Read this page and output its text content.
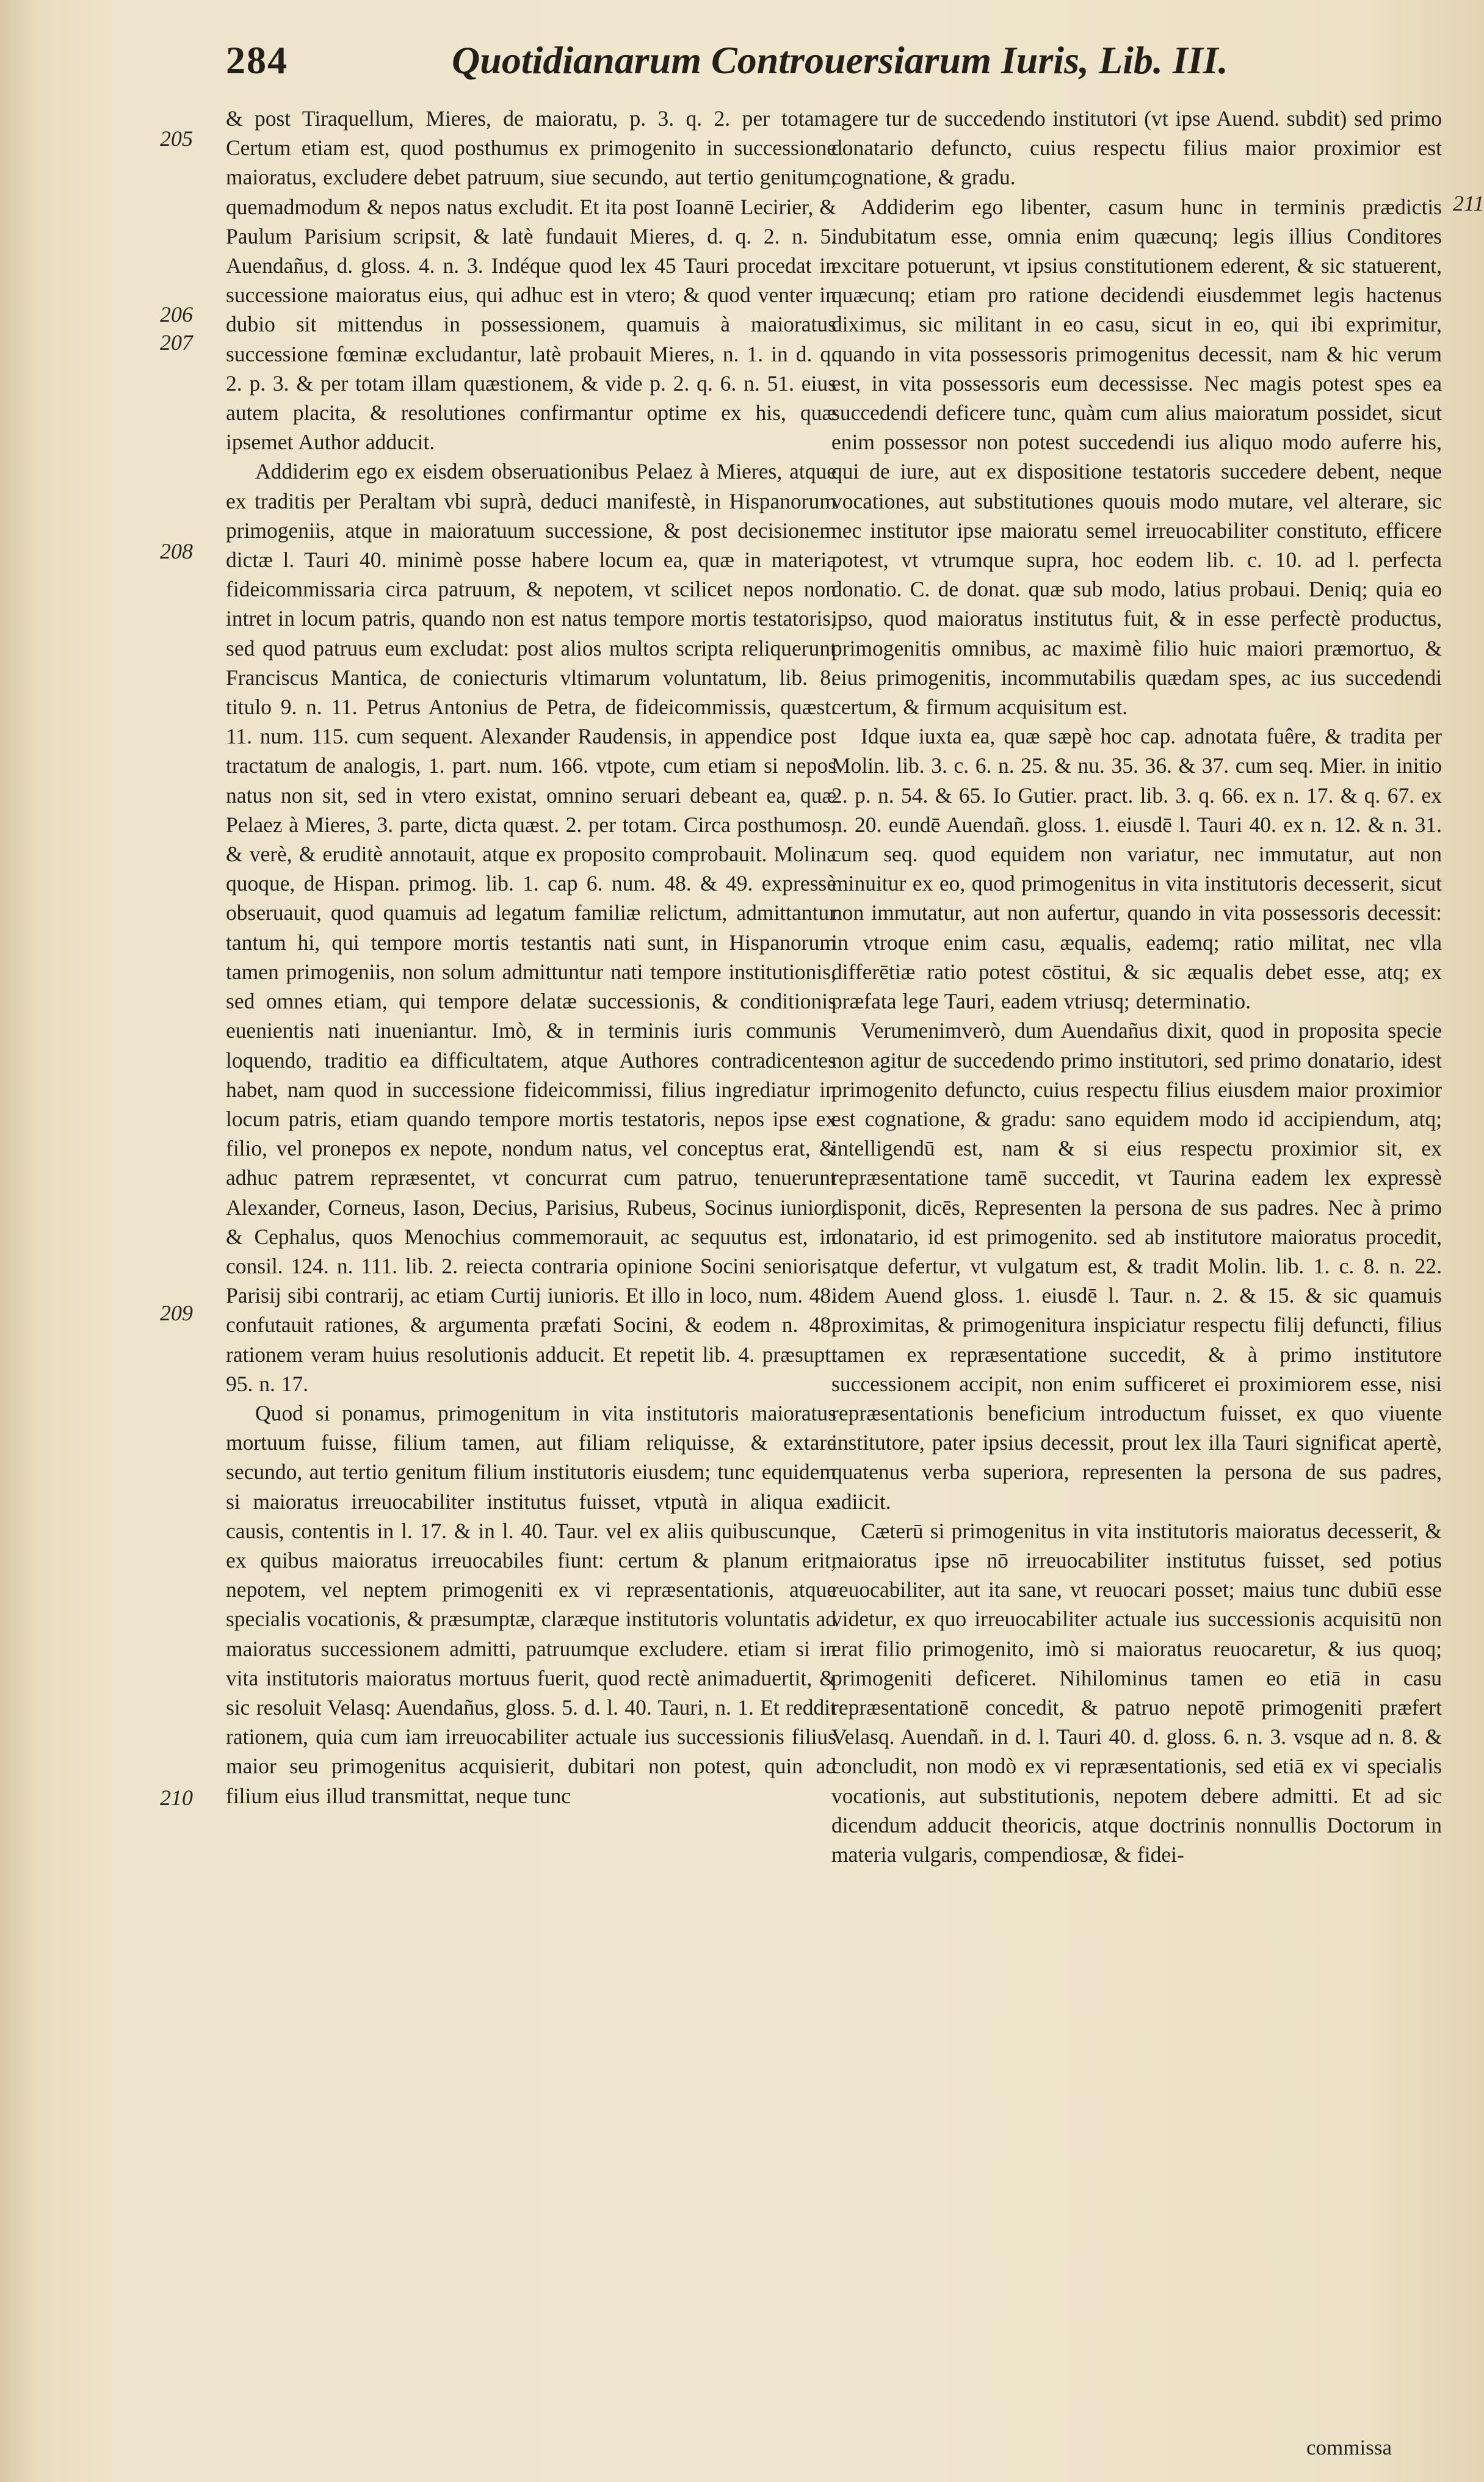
284	Quotidianarum Controuersiarum Iuris, Lib. III.
205
206
207
208
209
210
211

& post Tiraquellum, Mieres, de maioratu, p. 3. q. 2. per totam. Certum etiam est, quod posthumus ex primogenito in successione maioratus, excludere debet patruum, siue secundo, aut tertio genitum, quemadmodum & nepos natus excludit. Et ita post Ioannē Lecirier, & Paulum Parisium scripsit, & latè fundauit Mieres, d. q. 2. n. 5. Auendañus, d. gloss. 4. n. 3. Indéque quod lex 45 Tauri procedat in successione maioratus eius, qui adhuc est in vtero; & quod venter in dubio sit mittendus in possessionem, quamuis à maioratus successione fœminæ excludantur, latè probauit Mieres, n. 1. in d. q. 2. p. 3. & per totam illam quæstionem, & vide p. 2. q. 6. n. 51. eius autem placita, & resolutiones confirmantur optime ex his, quæ ipsemet Author adducit.

Addiderim ego ex eisdem obseruationibus Pelaez à Mieres, atque ex traditis per Peraltam vbi suprà, deduci manifestè, in Hispanorum primogeniis, atque in maioratuum successione, & post decisionem dictæ l. Tauri 40. minimè posse habere locum ea, quæ in materia fideicommissaria circa patruum, & nepotem, vt scilicet nepos non intret in locum patris, quando non est natus tempore mortis testatoris, sed quod patruus eum excludat: post alios multos scripta reliquerunt Franciscus Mantica, de coniecturis vltimarum voluntatum, lib. 8. titulo 9. n. 11. Petrus Antonius de Petra, de fideicommissis, quæst. 11. num. 115. cum sequent. Alexander Raudensis, in appendice post tractatum de analogis, 1. part. num. 166. vtpote, cum etiam si nepos natus non sit, sed in vtero existat, omnino seruari debeant ea, quæ Pelaez à Mieres, 3. parte, dicta quæst. 2. per totam. Circa posthumos, & verè, & eruditè annotauit, atque ex proposito comprobauit. Molina quoque, de Hispan. primog. lib. 1. cap 6. num. 48. & 49. expressè obseruauit, quod quamuis ad legatum familiæ relictum, admittantur tantum hi, qui tempore mortis testantis nati sunt, in Hispanorum tamen primogeniis, non solum admittuntur nati tempore institutionis, sed omnes etiam, qui tempore delatæ successionis, & conditionis euenientis nati inueniantur. Imò, & in terminis iuris communis loquendo, traditio ea difficultatem, atque Authores contradicentes habet, nam quod in successione fideicommissi, filius ingrediatur in locum patris, etiam quando tempore mortis testatoris, nepos ipse ex filio, vel pronepos ex nepote, nondum natus, vel conceptus erat, & adhuc patrem repræsentet, vt concurrat cum patruo, tenuerunt Alexander, Corneus, Iason, Decius, Parisius, Rubeus, Socinus iunior, & Cephalus, quos Menochius commemorauit, ac sequutus est, in consil. 124. n. 111. lib. 2. reiecta contraria opinione Socini senioris, Parisij sibi contrarij, ac etiam Curtij iunioris. Et illo in loco, num. 48. confutauit rationes, & argumenta præfati Socini, & eodem n. 48. rationem veram huius resolutionis adducit. Et repetit lib. 4. præsupt. 95. n. 17.

Quod si ponamus, primogenitum in vita institutoris maioratus mortuum fuisse, filium tamen, aut filiam reliquisse, & extare secundo, aut tertio genitum filium institutoris eiusdem; tunc equidem si maioratus irreuocabiliter institutus fuisset, vtputà in aliqua ex causis, contentis in l. 17. & in l. 40. Taur. vel ex aliis quibuscunque, ex quibus maioratus irreuocabiles fiunt: certum & planum erit, nepotem, vel neptem primogeniti ex vi repræsentationis, atque specialis vocationis, & præsumptæ, claræque institutoris voluntatis ad maioratus successionem admitti, patruumque excludere. etiam si in vita institutoris maioratus mortuus fuerit, quod rectè animaduertit, & sic resoluit Velasq: Auendañus, gloss. 5. d. l. 40. Tauri, n. 1. Et reddit rationem, quia cum iam irreuocabiliter actuale ius successionis filius maior seu primogenitus acquisierit, dubitari non potest, quin ad filium eius illud transmittat, neque tunc

agere tur de succedendo institutori (vt ipse Auend. subdit) sed primo donatario defuncto, cuius respectu filius maior proximior est cognatione, & gradu.

Addiderim ego libenter, casum hunc in terminis prædictis indubitatum esse, omnia enim quæcunq; legis illius Conditores excitare potuerunt, vt ipsius constitutionem ederent, & sic statuerent, quæcunq; etiam pro ratione decidendi eiusdemmet legis hactenus diximus, sic militant in eo casu, sicut in eo, qui ibi exprimitur, quando in vita possessoris primogenitus decessit, nam & hic verum est, in vita possessoris eum decessisse. Nec magis potest spes ea succedendi deficere tunc, quàm cum alius maioratum possidet, sicut enim possessor non potest succedendi ius aliquo modo auferre his, qui de iure, aut ex dispositione testatoris succedere debent, neque vocationes, aut substitutiones quouis modo mutare, vel alterare, sic nec institutor ipse maioratu semel irreuocabiliter constituto, efficere potest, vt vtrumque supra, hoc eodem lib. c. 10. ad l. perfecta donatio. C. de donat. quæ sub modo, latius probaui. Deniq; quia eo ipso, quod maioratus institutus fuit, & in esse perfectè productus, primogenitis omnibus, ac maximè filio huic maiori præmortuo, & eius primogenitis, incommutabilis quædam spes, ac ius succedendi certum, & firmum acquisitum est.

Idque iuxta ea, quæ sæpè hoc cap. adnotata fuêre, & tradita per Molin. lib. 3. c. 6. n. 25. & nu. 35. 36. & 37. cum seq. Mier. in initio 2. p. n. 54. & 65. Io Gutier. pract. lib. 3. q. 66. ex n. 17. & q. 67. ex n. 20. eundē Auendañ. gloss. 1. eiusdē l. Tauri 40. ex n. 12. & n. 31. cum seq. quod equidem non variatur, nec immutatur, aut non minuitur ex eo, quod primogenitus in vita institutoris decesserit, sicut non immutatur, aut non aufertur, quando in vita possessoris decessit: in vtroque enim casu, æqualis, eademq; ratio militat, nec vlla differētiæ ratio potest cōstitui, & sic æqualis debet esse, atq; ex præfata lege Tauri, eadem vtriusq; determinatio.

Verumenimverò, dum Auendañus dixit, quod in proposita specie non agitur de succedendo primo institutori, sed primo donatario, idest primogenito defuncto, cuius respectu filius eiusdem maior proximior est cognatione, & gradu: sano equidem modo id accipiendum, atq; intelligendū est, nam & si eius respectu proximior sit, ex repræsentatione tamē succedit, vt Taurina eadem lex expressè disponit, dicēs, Representen la persona de sus padres. Nec à primo donatario, id est primogenito. sed ab institutore maioratus procedit, atque defertur, vt vulgatum est, & tradit Molin. lib. 1. c. 8. n. 22. idem Auend gloss. 1. eiusdē l. Taur. n. 2. & 15. & sic quamuis proximitas, & primogenitura inspiciatur respectu filij defuncti, filius tamen ex repræsentatione succedit, & à primo institutore successionem accipit, non enim sufficeret ei proximiorem esse, nisi repræsentationis beneficium introductum fuisset, ex quo viuente institutore, pater ipsius decessit, prout lex illa Tauri significat apertè, quatenus verba superiora, representen la persona de sus padres, adiicit.

Cæterū si primogenitus in vita institutoris maioratus decesserit, & maioratus ipse nō irreuocabiliter institutus fuisset, sed potius reuocabiliter, aut ita sane, vt reuocari posset; maius tunc dubiū esse videtur, ex quo irreuocabiliter actuale ius successionis acquisitū non erat filio primogenito, imò si maioratus reuocaretur, & ius quoq; primogeniti deficeret. Nihilominus tamen eo etiā in casu repræsentationē concedit, & patruo nepotē primogeniti præfert Velasq. Auendañ. in d. l. Tauri 40. d. gloss. 6. n. 3. vsque ad n. 8. & concludit, non modò ex vi repræsentationis, sed etiā ex vi specialis vocationis, aut substitutionis, nepotem debere admitti. Et ad sic dicendum adducit theoricis, atque doctrinis nonnullis Doctorum in materia vulgaris, compendiosæ, & fidei-

commissa
